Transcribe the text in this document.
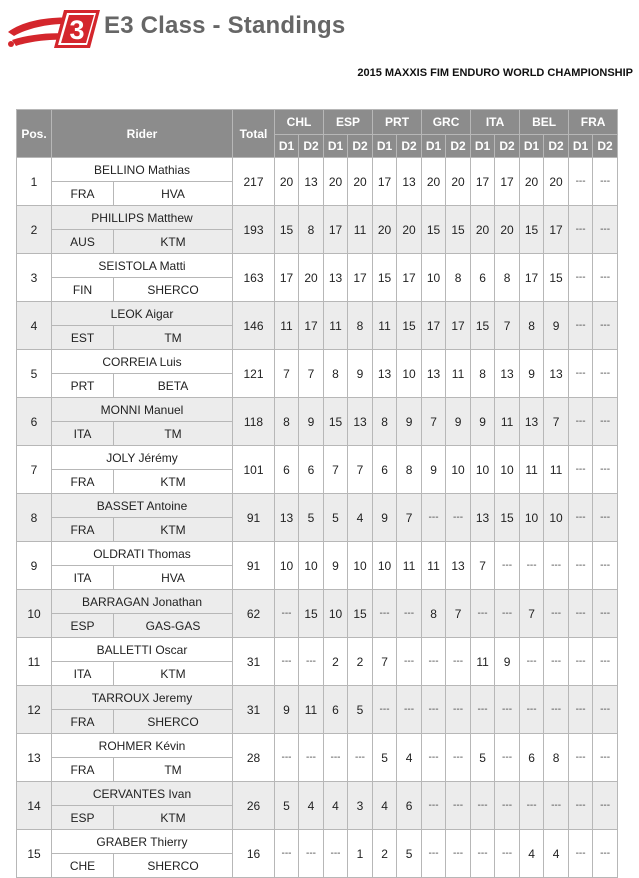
3 E3 Class - Standings
2015 MAXXIS FIM ENDURO WORLD CHAMPIONSHIP
Pos.	Rider		Total	CHL		ESP		PRT		GRC		ITA		BEL		FRA	
				D1	D2	D1	D2	D1	D2	D1	D2	D1	D2	D1	D2	D1	D2
1	BELLINO Mathias		217	20	13	20	20	17	13	20	20	17	17	20	20	---	---
	FRA	HVA															
2	PHILLIPS Matthew		193	15	8	17	11	20	20	15	15	20	20	15	17	---	---
	AUS	KTM															
3	SEISTOLA Matti		163	17	20	13	17	15	17	10	8	6	8	17	15	---	---
	FIN	SHERCO															
4	LEOK Aigar		146	11	17	11	8	11	15	17	17	15	7	8	9	---	---
	EST	TM															
5	CORREIA Luis		121	7	7	8	9	13	10	13	11	8	13	9	13	---	---
	PRT	BETA															
6	MONNI Manuel		118	8	9	15	13	8	9	7	9	9	11	13	7	---	---
	ITA	TM															
7	JOLY Jérémy		101	6	6	7	7	6	8	9	10	10	10	11	11	---	---
	FRA	KTM															
8	BASSET Antoine		91	13	5	5	4	9	7	---	---	13	15	10	10	---	---
	FRA	KTM															
9	OLDRATI Thomas		91	10	10	9	10	10	11	11	13	7	---	---	---	---	---
	ITA	HVA															
10	BARRAGAN Jonathan		62	---	15	10	15	---	---	8	7	---	---	7	---	---	---
	ESP	GAS-GAS															
11	BALLETTI Oscar		31	---	---	2	2	7	---	---	---	11	9	---	---	---	---
	ITA	KTM															
12	TARROUX Jeremy		31	9	11	6	5	---	---	---	---	---	---	---	---	---	---
	FRA	SHERCO															
13	ROHMER Kévin		28	---	---	---	---	5	4	---	---	5	---	6	8	---	---
	FRA	TM															
14	CERVANTES Ivan		26	5	4	4	3	4	6	---	---	---	---	---	---	---	---
	ESP	KTM															
15	GRABER Thierry		16	---	---	---	1	2	5	---	---	---	---	4	4	---	---
	CHE	SHERCO															
